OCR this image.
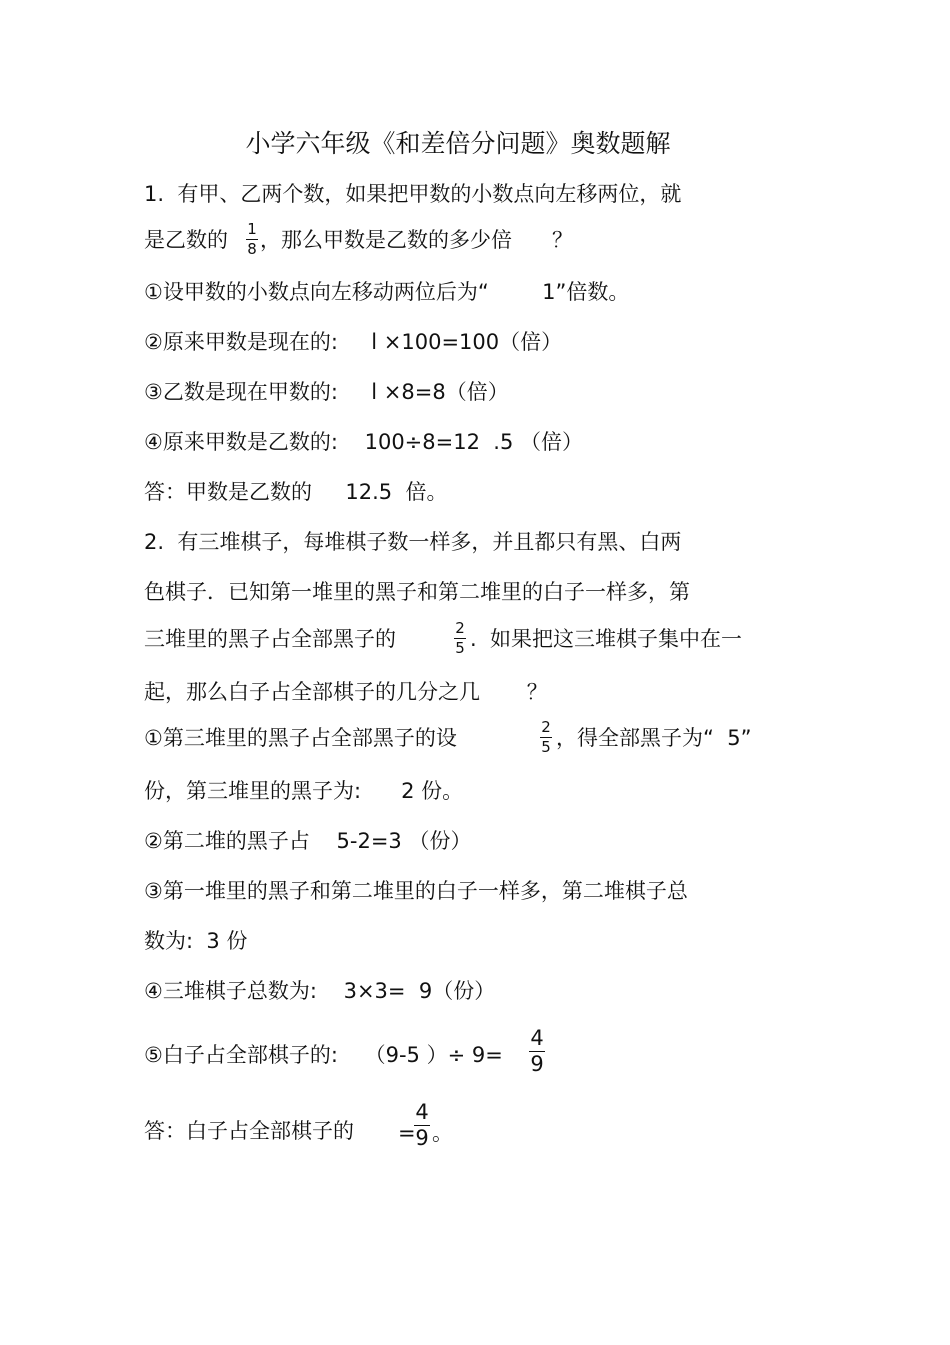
小学六年级《和差倍分问题》奥数题解
1.  有甲、乙两个数，如果把甲数的小数点向左移两位，就
是乙数的 1
8 ，那么甲数是乙数的多少倍      ？
①设甲数的小数点向左移动两位后为“        1”倍数。
②原来甲数是现在的:     l ×100=100（倍）
③乙数是现在甲数的:     l ×8=8（倍）
④原来甲数是乙数的:    100÷8=12  .5 （倍）
答：甲数是乙数的     12.5  倍。
2.  有三堆棋子，每堆棋子数一样多，并且都只有黑、白两
色棋子．已知第一堆里的黑子和第二堆里的白子一样多，第
三堆里的黑子占全部黑子的	2
5 .  如果把这三堆棋子集中在一
起，那么白子占全部棋子的几分之几       ？
①第三堆里的黑子占全部黑子的设	2
5 ，得全部黑子为“  5”
份，第三堆里的黑子为:      2 份。
②第二堆的黑子占    5-2=3 （份）
③第一堆里的黑子和第二堆里的白子一样多，第二堆棋子总
数为:  3 份
④三堆棋子总数为:    3×3=  9（份）
⑤白子占全部棋子的:    （9-5 ）÷ 9=
4
9
答：白子占全部棋子的 =
4
9 。
